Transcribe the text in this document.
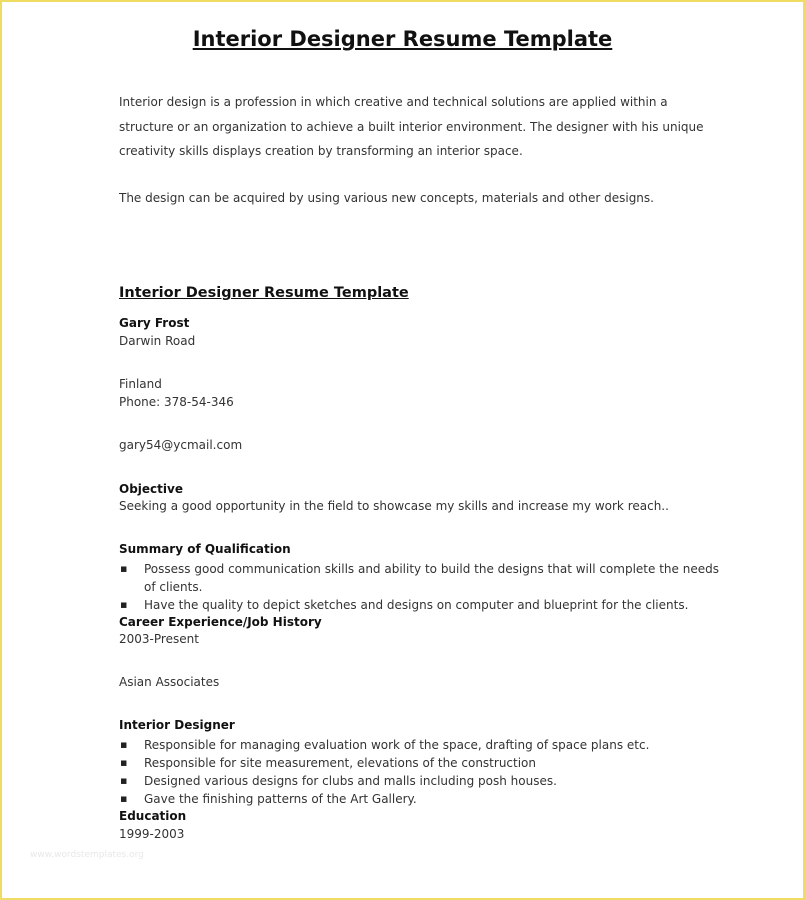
Interior Designer Resume Template

Interior design is a profession in which creative and technical solutions are applied within a structure or an organization to achieve a built interior environment. The designer with his unique creativity skills displays creation by transforming an interior space.

The design can be acquired by using various new concepts, materials and other designs.

Interior Designer Resume Template

Gary Frost

Darwin Road

Finland

Phone: 378-54-346

gary54@ycmail.com

Objective

Seeking a good opportunity in the field to showcase my skills and increase my work reach..

Summary of Qualification

▪ Possess good communication skills and ability to build the designs that will complete the needs of clients.
▪ Have the quality to depict sketches and designs on computer and blueprint for the clients.

Career Experience/Job History

2003-Present

Asian Associates

Interior Designer

▪ Responsible for managing evaluation work of the space, drafting of space plans etc.
▪ Responsible for site measurement, elevations of the construction
▪ Designed various designs for clubs and malls including posh houses.
▪ Gave the finishing patterns of the Art Gallery.

Education

1999-2003

www.wordstemplates.org
